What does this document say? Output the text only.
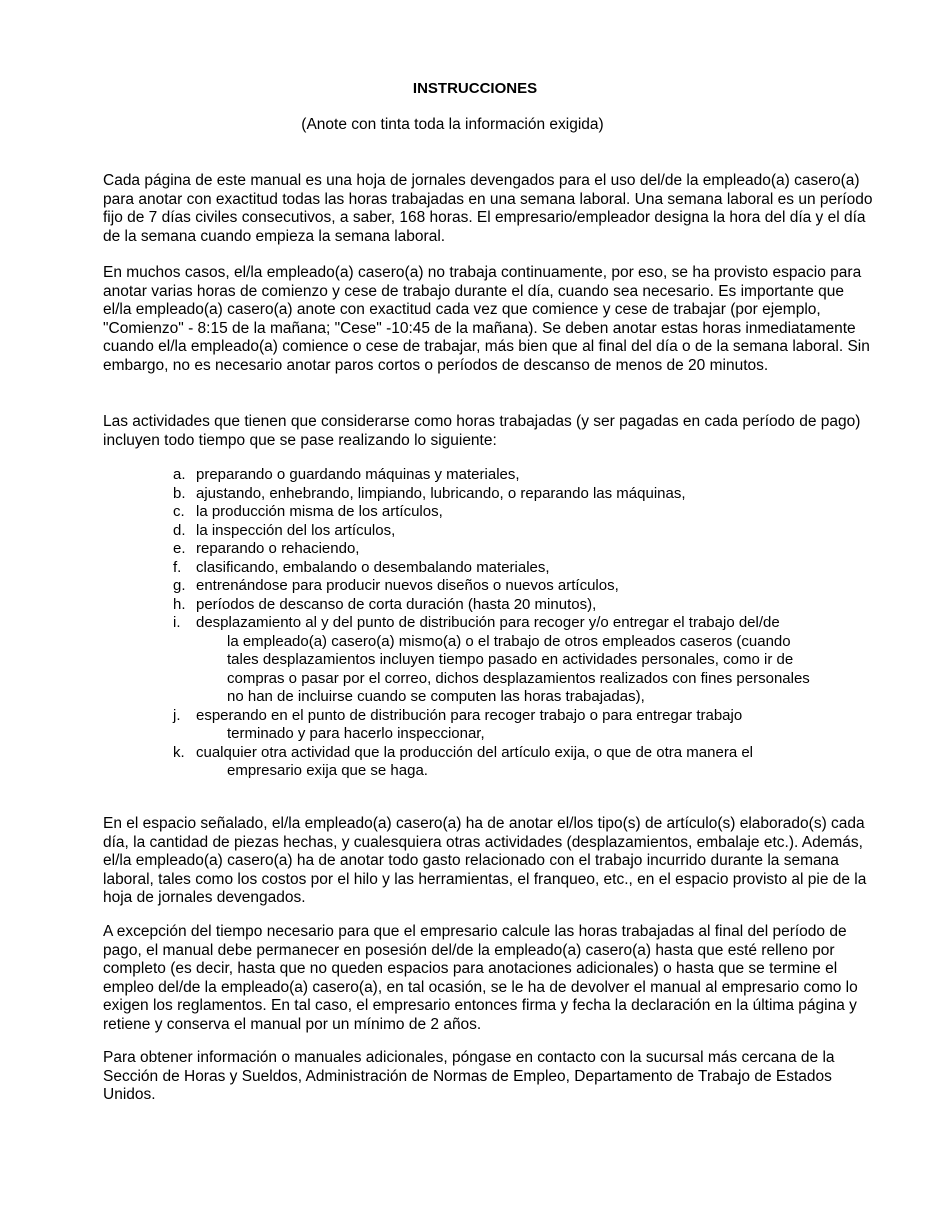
INSTRUCCIONES
(Anote con tinta toda la información exigida)

Cada página de este manual es una hoja de jornales devengados para el uso del/de la empleado(a) casero(a) para anotar con exactitud todas las horas trabajadas en una semana laboral. Una semana laboral es un período fijo de 7 días civiles consecutivos, a saber, 168 horas. El empresario/empleador designa la hora del día y el día de la semana cuando empieza la semana laboral.

En muchos casos, el/la empleado(a) casero(a) no trabaja continuamente, por eso, se ha provisto espacio para anotar varias horas de comienzo y cese de trabajo durante el día, cuando sea necesario. Es importante que el/la empleado(a) casero(a) anote con exactitud cada vez que comience y cese de trabajar (por ejemplo, "Comienzo" - 8:15 de la mañana; "Cese" -10:45 de la mañana). Se deben anotar estas horas inmediatamente cuando el/la empleado(a) comience o cese de trabajar, más bien que al final del día o de la semana laboral. Sin embargo, no es necesario anotar paros cortos o períodos de descanso de menos de 20 minutos.

Las actividades que tienen que considerarse como horas trabajadas (y ser pagadas en cada período de pago) incluyen todo tiempo que se pase realizando lo siguiente:

a. preparando o guardando máquinas y materiales,
b. ajustando, enhebrando, limpiando, lubricando, o reparando las máquinas,
c. la producción misma de los artículos,
d. la inspección del los artículos,
e. reparando o rehaciendo,
f. clasificando, embalando o desembalando materiales,
g. entrenándose para producir nuevos diseños o nuevos artículos,
h. períodos de descanso de corta duración (hasta 20 minutos),
i. desplazamiento al y del punto de distribución para recoger y/o entregar el trabajo del/de
la empleado(a) casero(a) mismo(a) o el trabajo de otros empleados caseros (cuando
tales desplazamientos incluyen tiempo pasado en actividades personales, como ir de
compras o pasar por el correo, dichos desplazamientos realizados con fines personales
no han de incluirse cuando se computen las horas trabajadas),
j. esperando en el punto de distribución para recoger trabajo o para entregar trabajo
terminado y para hacerlo inspeccionar,
k. cualquier otra actividad que la producción del artículo exija, o que de otra manera el
empresario exija que se haga.

En el espacio señalado, el/la empleado(a) casero(a) ha de anotar el/los tipo(s) de artículo(s) elaborado(s) cada día, la cantidad de piezas hechas, y cualesquiera otras actividades (desplazamientos, embalaje etc.). Además, el/la empleado(a) casero(a) ha de anotar todo gasto relacionado con el trabajo incurrido durante la semana laboral, tales como los costos por el hilo y las herramientas, el franqueo, etc., en el espacio provisto al pie de la hoja de jornales devengados.

A excepción del tiempo necesario para que el empresario calcule las horas trabajadas al final del período de pago, el manual debe permanecer en posesión del/de la empleado(a) casero(a) hasta que esté relleno por completo (es decir, hasta que no queden espacios para anotaciones adicionales) o hasta que se termine el empleo del/de la empleado(a) casero(a), en tal ocasión, se le ha de devolver el manual al empresario como lo exigen los reglamentos. En tal caso, el empresario entonces firma y fecha la declaración en la última página y retiene y conserva el manual por un mínimo de 2 años.

Para obtener información o manuales adicionales, póngase en contacto con la sucursal más cercana de la Sección de Horas y Sueldos, Administración de Normas de Empleo, Departamento de Trabajo de Estados Unidos.
